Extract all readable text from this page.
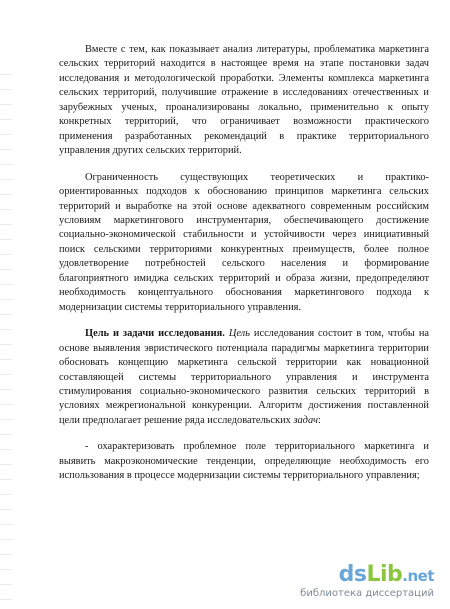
Вместе с тем, как показывает анализ литературы, проблематика маркетинга сельских территорий находится в настоящее время на этапе постановки задач исследования и методологической проработки. Элементы комплекса маркетинга сельских территорий, получившие отражение в исследованиях отечественных и зарубежных ученых, проанализированы локально, применительно к опыту конкретных территорий, что ограничивает возможности практического применения разработанных рекомендаций в практике территориального управления других сельских территорий.

Ограниченность существующих теоретических и практико-ориентированных подходов к обоснованию принципов маркетинга сельских территорий и выработке на этой основе адекватного современным российским условиям маркетингового инструментария, обеспечивающего достижение социально-экономической стабильности и устойчивости через инициативный поиск сельскими территориями конкурентных преимуществ, более полное удовлетворение потребностей сельского населения и формирование благоприятного имиджа сельских территорий и образа жизни, предопределяют необходимость концептуального обоснования маркетингового подхода к модернизации системы территориального управления.

Цель и задачи исследования. Цель исследования состоит в том, чтобы на основе выявления эвристического потенциала парадигмы маркетинга территории обосновать концепцию маркетинга сельской территории как новационной составляющей системы территориального управления и инструмента стимулирования социально-экономического развития сельских территорий в условиях межрегиональной конкуренции. Алгоритм достижения поставленной цели предполагает решение ряда исследовательских задач:

- охарактеризовать проблемное поле территориального маркетинга и выявить макроэкономические тенденции, определяющие необходимость его использования в процессе модернизации системы территориального управления;

dsLib.net
библиотека диссертаций
